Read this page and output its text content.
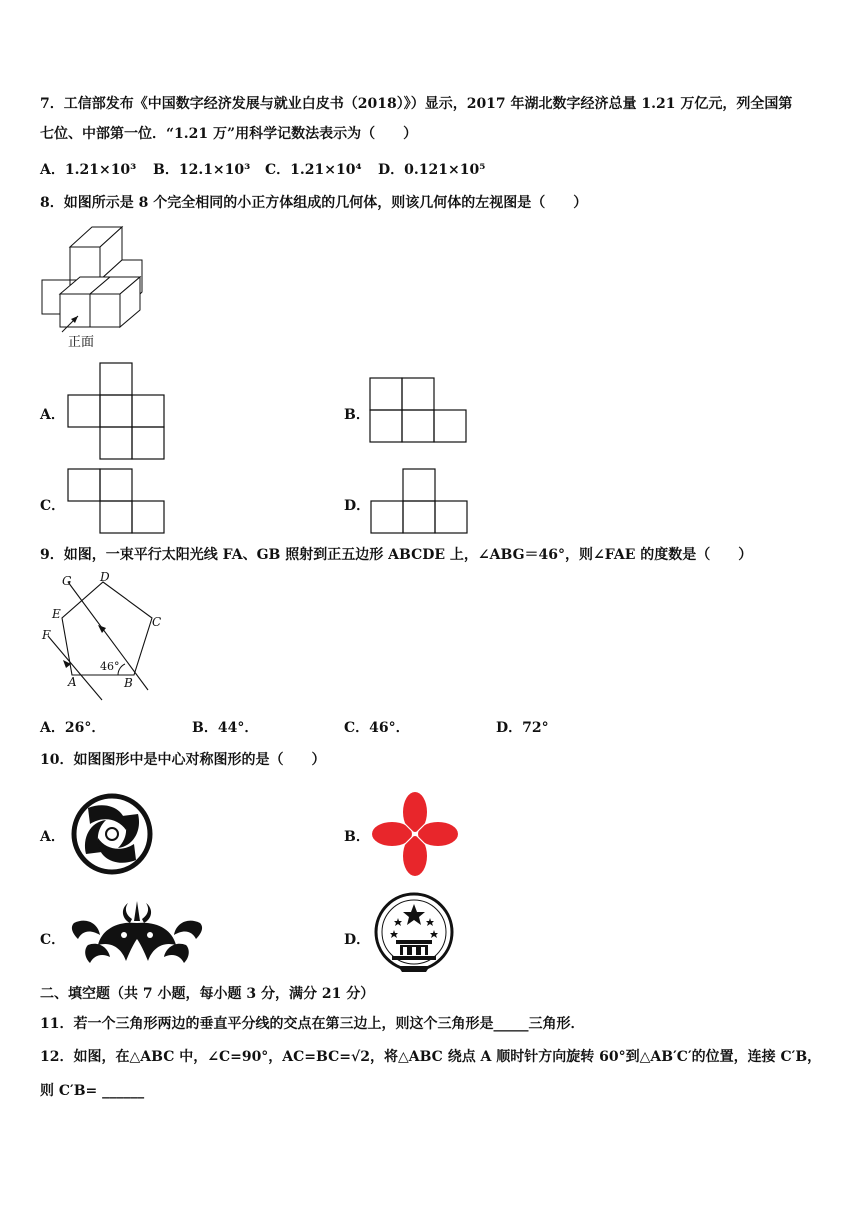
7．工信部发布《中国数字经济发展与就业白皮书（2018）》）显示，2017 年湖北数字经济总量 1.21 万亿元，列全国第
七位、中部第一位．“1.21 万”用科学记数法表示为（　　）
A．1.21×10³ B．12.1×10³ C．1.21×10⁴ D．0.121×10⁵
8．如图所示是 8 个完全相同的小正方体组成的几何体，则该几何体的左视图是（　　）
正面
A．	B．
C．	D．
9．如图，一束平行太阳光线 FA、GB 照射到正五边形 ABCDE 上，∠ABG＝46°，则∠FAE 的度数是（　　）
G D
E
C
F
A	B
46°
A．26°．	B．44°．	C．46°．	D．72°
10．如图图形中是中心对称图形的是（　　）
A．	B．
C．	D．
二、填空题（共 7 小题，每小题 3 分，满分 21 分）
11．若一个三角形两边的垂直平分线的交点在第三边上，则这个三角形是_____三角形．
12．如图，在△ABC 中，∠C=90°，AC=BC=√2，将△ABC 绕点 A 顺时针方向旋转 60°到△AB′C′的位置，连接 C′B，
则 C′B= ______
